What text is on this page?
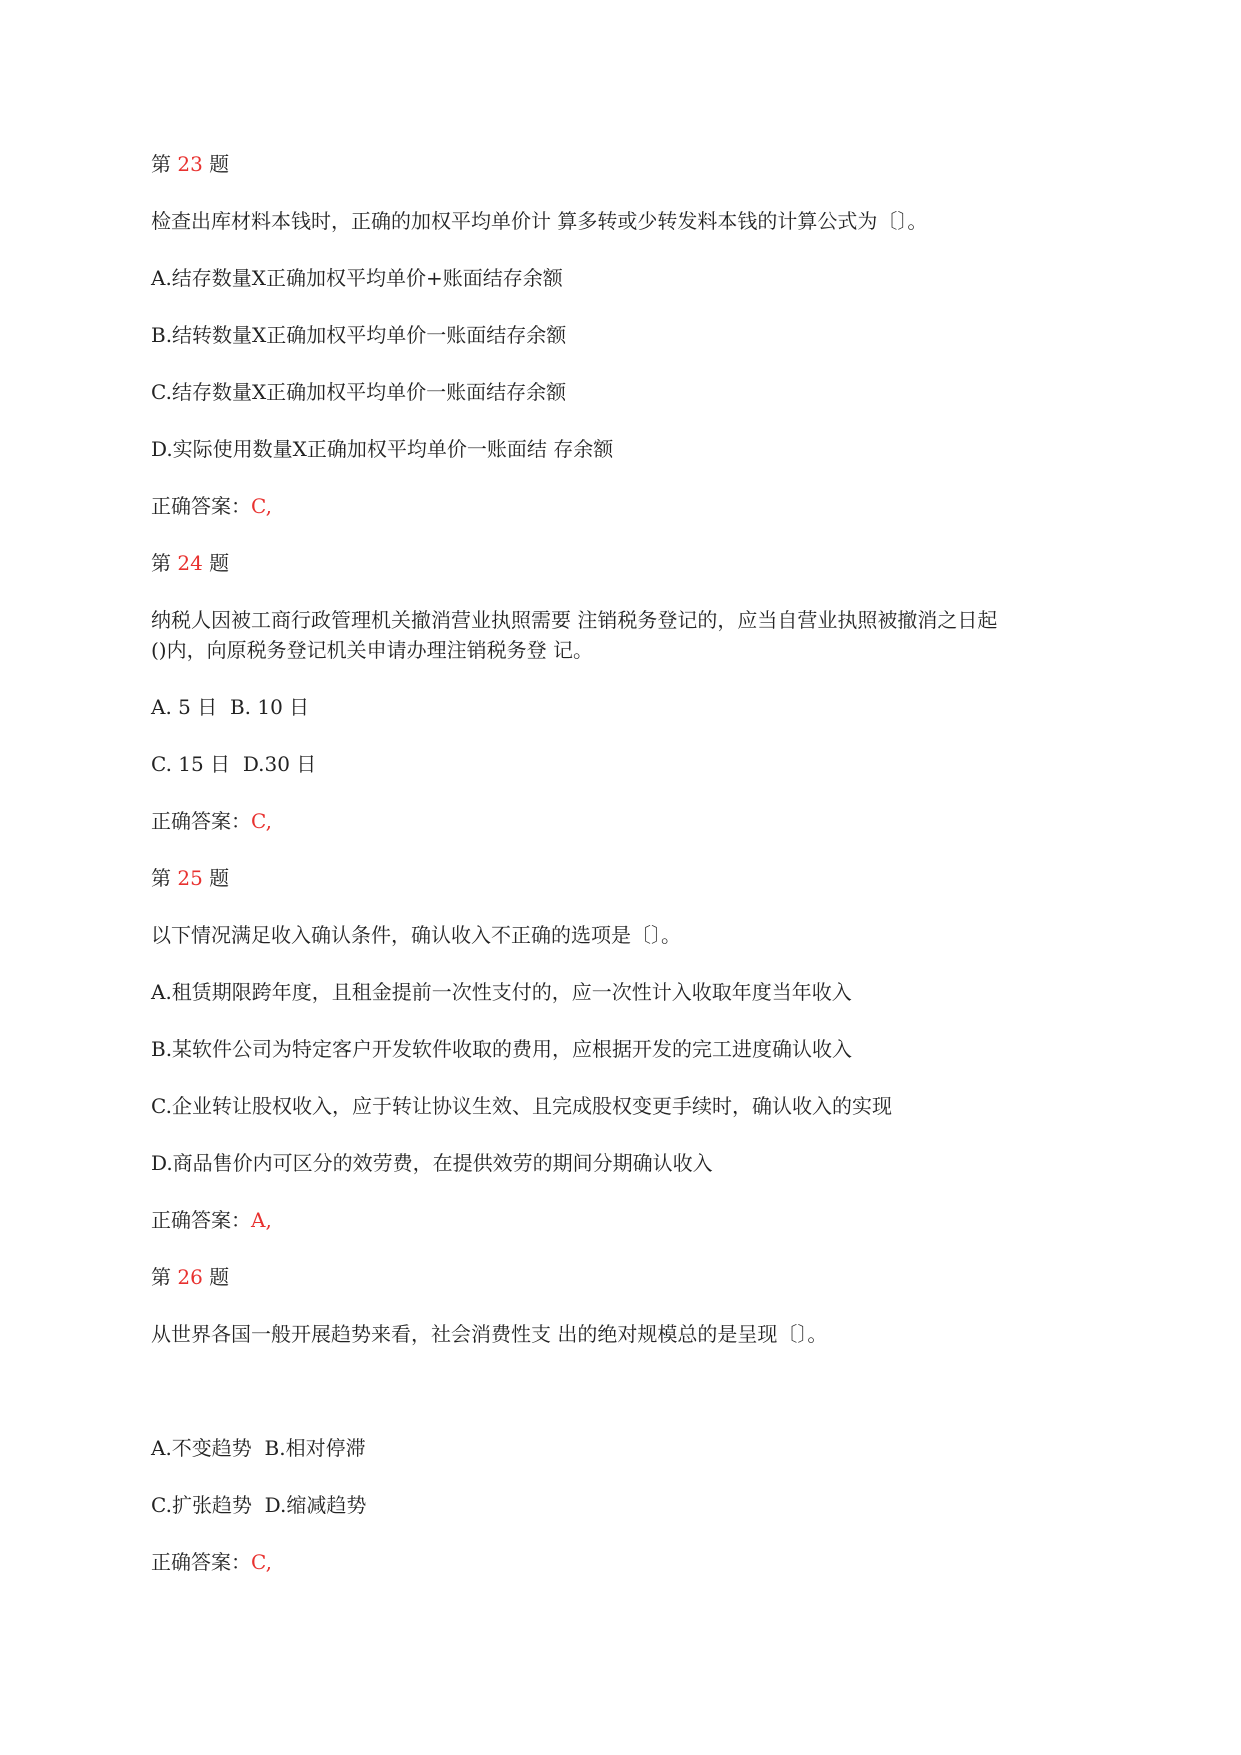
第 23 题
检查出库材料本钱时，正确的加权平均单价计 算多转或少转发料本钱的计算公式为〔〕。
A.结存数量X正确加权平均单价+账面结存余额
B.结转数量X正确加权平均单价一账面结存余额
C.结存数量X正确加权平均单价一账面结存余额
D.实际使用数量X正确加权平均单价一账面结 存余额
正确答案：C,
第 24 题
纳税人因被工商行政管理机关撤消营业执照需要 注销税务登记的，应当自营业执照被撤消之日起
()内，向原税务登记机关申请办理注销税务登 记。
A. 5 日  B. 10 日
C. 15 日  D.30 日
正确答案：C,
第 25 题
以下情况满足收入确认条件，确认收入不正确的选项是〔〕。
A.租赁期限跨年度，且租金提前一次性支付的，应一次性计入收取年度当年收入
B.某软件公司为特定客户开发软件收取的费用，应根据开发的完工进度确认收入
C.企业转让股权收入，应于转让协议生效、且完成股权变更手续时，确认收入的实现
D.商品售价内可区分的效劳费，在提供效劳的期间分期确认收入
正确答案：A,
第 26 题
从世界各国一般开展趋势来看，社会消费性支 出的绝对规模总的是呈现〔〕。
A.不变趋势  B.相对停滞
C.扩张趋势  D.缩减趋势
正确答案：C,
